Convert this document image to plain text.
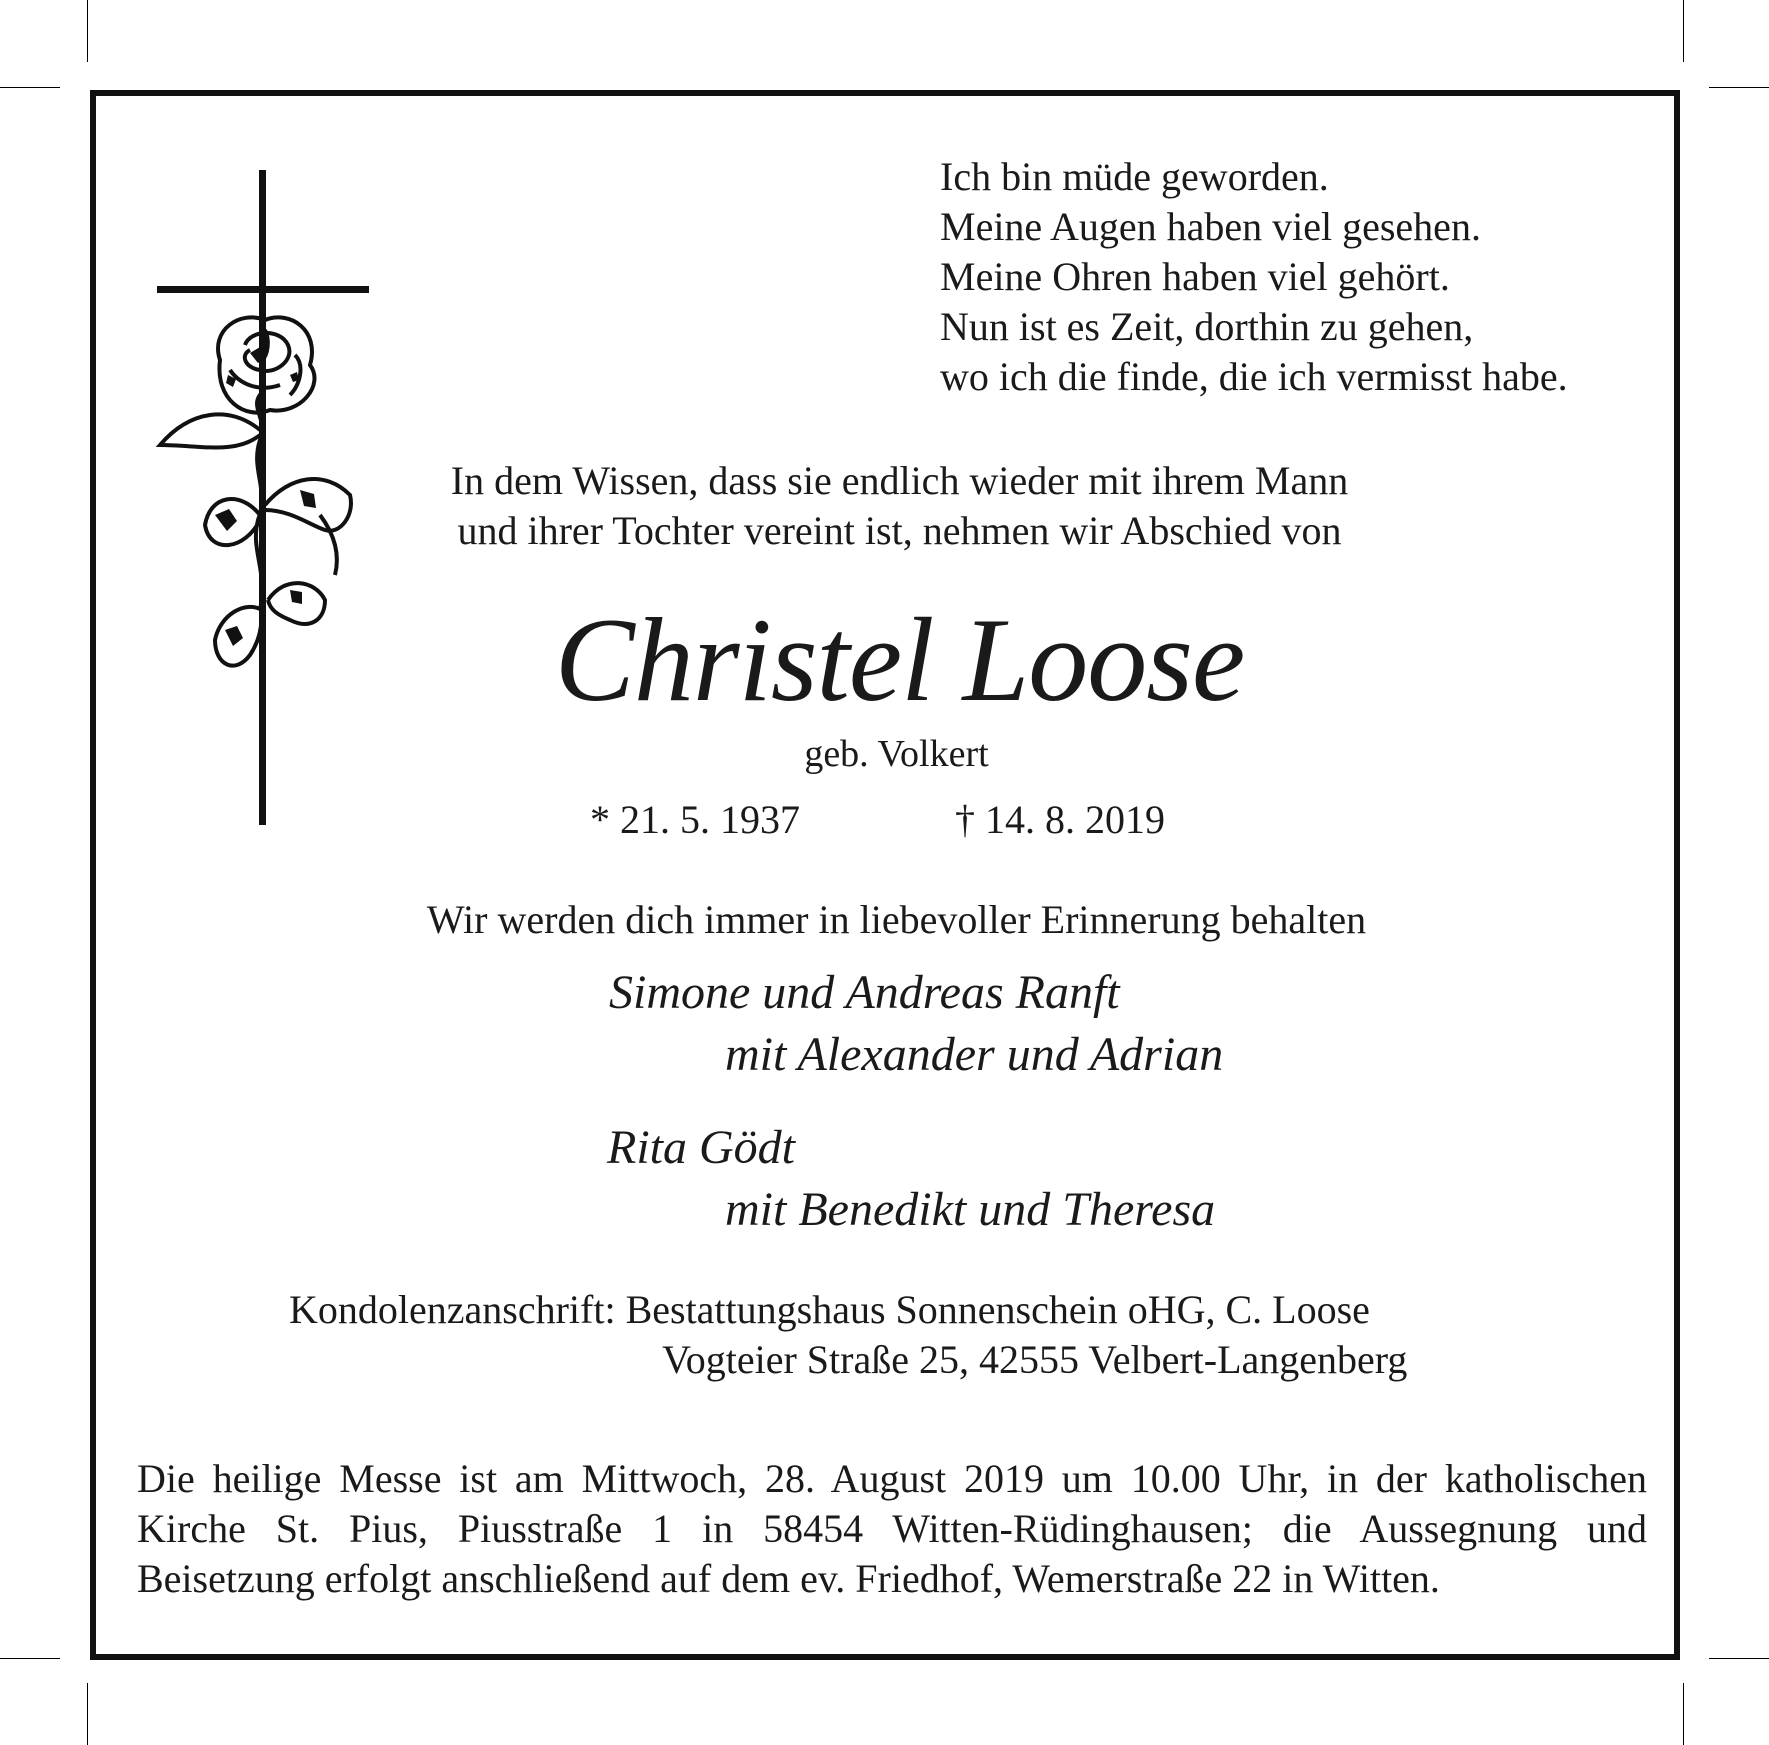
Ich bin müde geworden.
Meine Augen haben viel gesehen.
Meine Ohren haben viel gehört.
Nun ist es Zeit, dorthin zu gehen,
wo ich die finde, die ich vermisst habe.
In dem Wissen, dass sie endlich wieder mit ihrem Mann
und ihrer Tochter vereint ist, nehmen wir Abschied von
Christel Loose
geb. Volkert
* 21. 5. 1937	† 14. 8. 2019
Wir werden dich immer in liebevoller Erinnerung behalten
Simone und Andreas Ranft
mit Alexander und Adrian
Rita Gödt
mit Benedikt und Theresa
Kondolenzanschrift: Bestattungshaus Sonnenschein oHG, C. Loose
Vogteier Straße 25, 42555 Velbert-Langenberg
Die heilige Messe ist am Mittwoch, 28. August 2019 um 10.00 Uhr, in der katholischen
Kirche St. Pius, Piusstraße 1 in 58454 Witten-Rüdinghausen; die Aussegnung und
Beisetzung erfolgt anschließend auf dem ev. Friedhof, Wemerstraße 22 in Witten.
